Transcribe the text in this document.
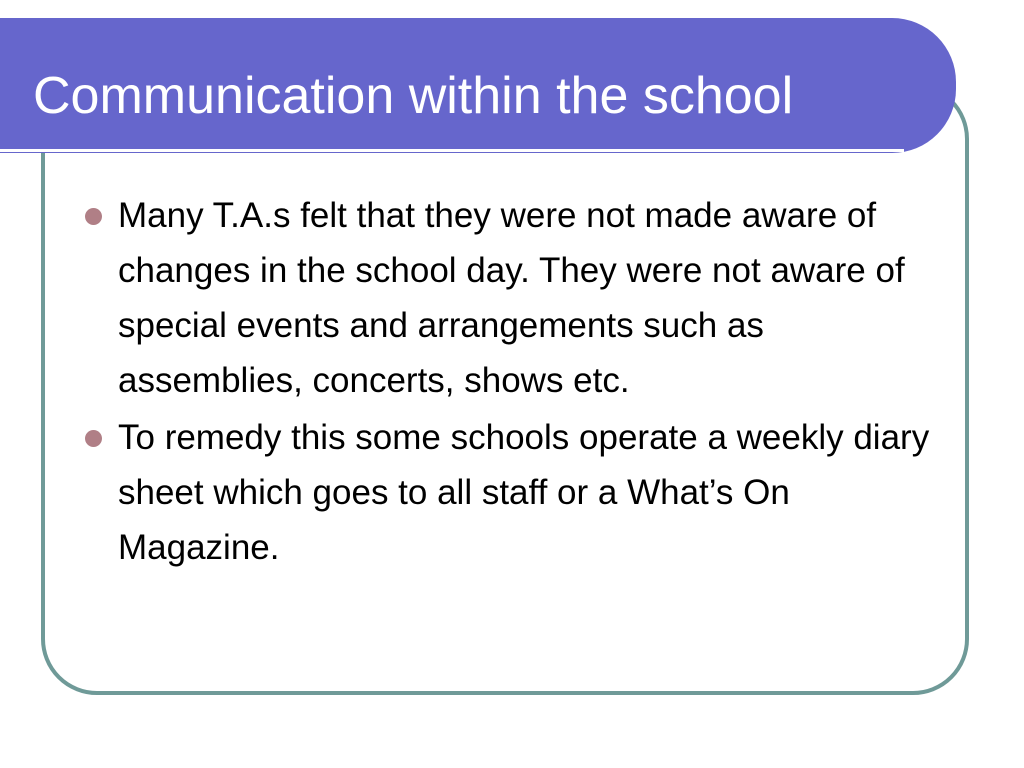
Communication within the school
Many T.A.s felt that they were not made aware of changes in the school day. They were not aware of special events and arrangements such as assemblies, concerts, shows etc.
To remedy this some schools operate a weekly diary sheet which goes to all staff or a What’s On Magazine.
